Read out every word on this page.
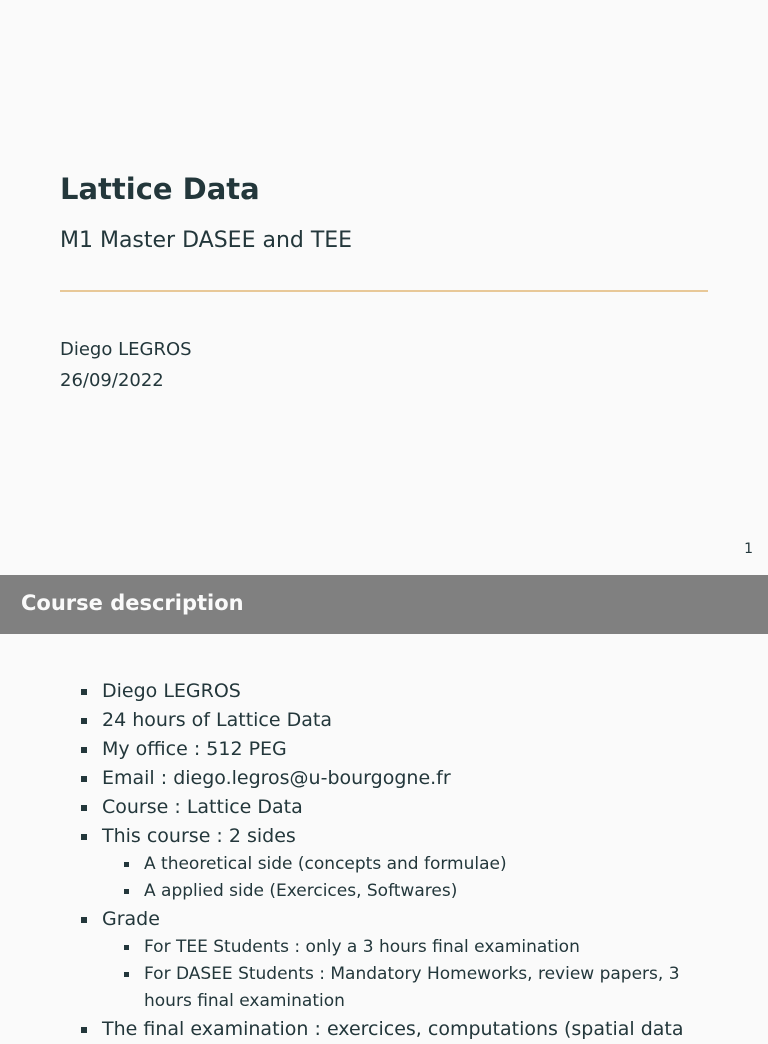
Lattice Data
M1 Master DASEE and TEE
Diego LEGROS
26/09/2022
1
Course description
Diego LEGROS
24 hours of Lattice Data
My office : 512 PEG
Email : diego.legros@u-bourgogne.fr
Course : Lattice Data
This course : 2 sides
A theoretical side (concepts and formulae)
A applied side (Exercices, Softwares)
Grade
For TEE Students : only a 3 hours final examination
For DASEE Students : Mandatory Homeworks, review papers, 3 hours final examination
The final examination : exercices, computations (spatial data
